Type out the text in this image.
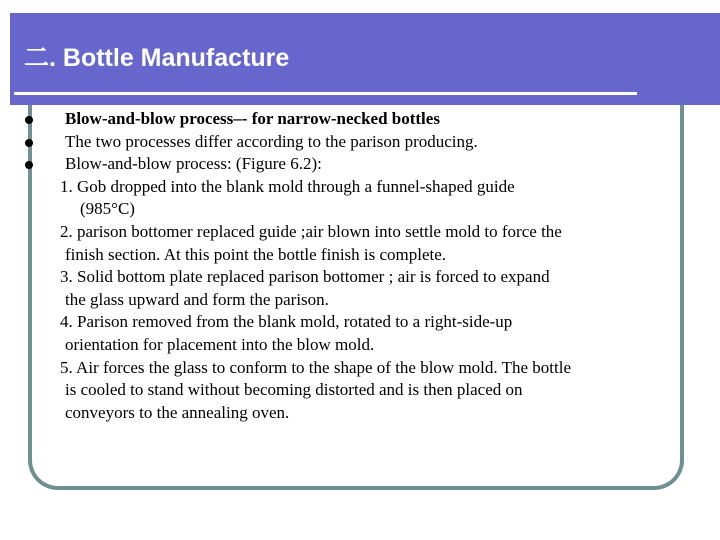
二. Bottle Manufacture
Blow-and-blow process–- for narrow-necked bottles
The two processes differ according to the parison producing.
Blow-and-blow process: (Figure 6.2):
1. Gob dropped into the blank mold through a funnel-shaped guide
(985°C)
2. parison bottomer replaced guide ;air blown into settle mold to force the
finish section. At this point the bottle finish is complete.
3. Solid bottom plate replaced parison bottomer ; air is forced to expand
the glass upward and form the parison.
4. Parison removed from the blank mold, rotated to a right-side-up
orientation for placement into the blow mold.
5. Air forces the glass to conform to the shape of the blow mold. The bottle
is cooled to stand without becoming distorted and is then placed on
conveyors to the annealing oven.
